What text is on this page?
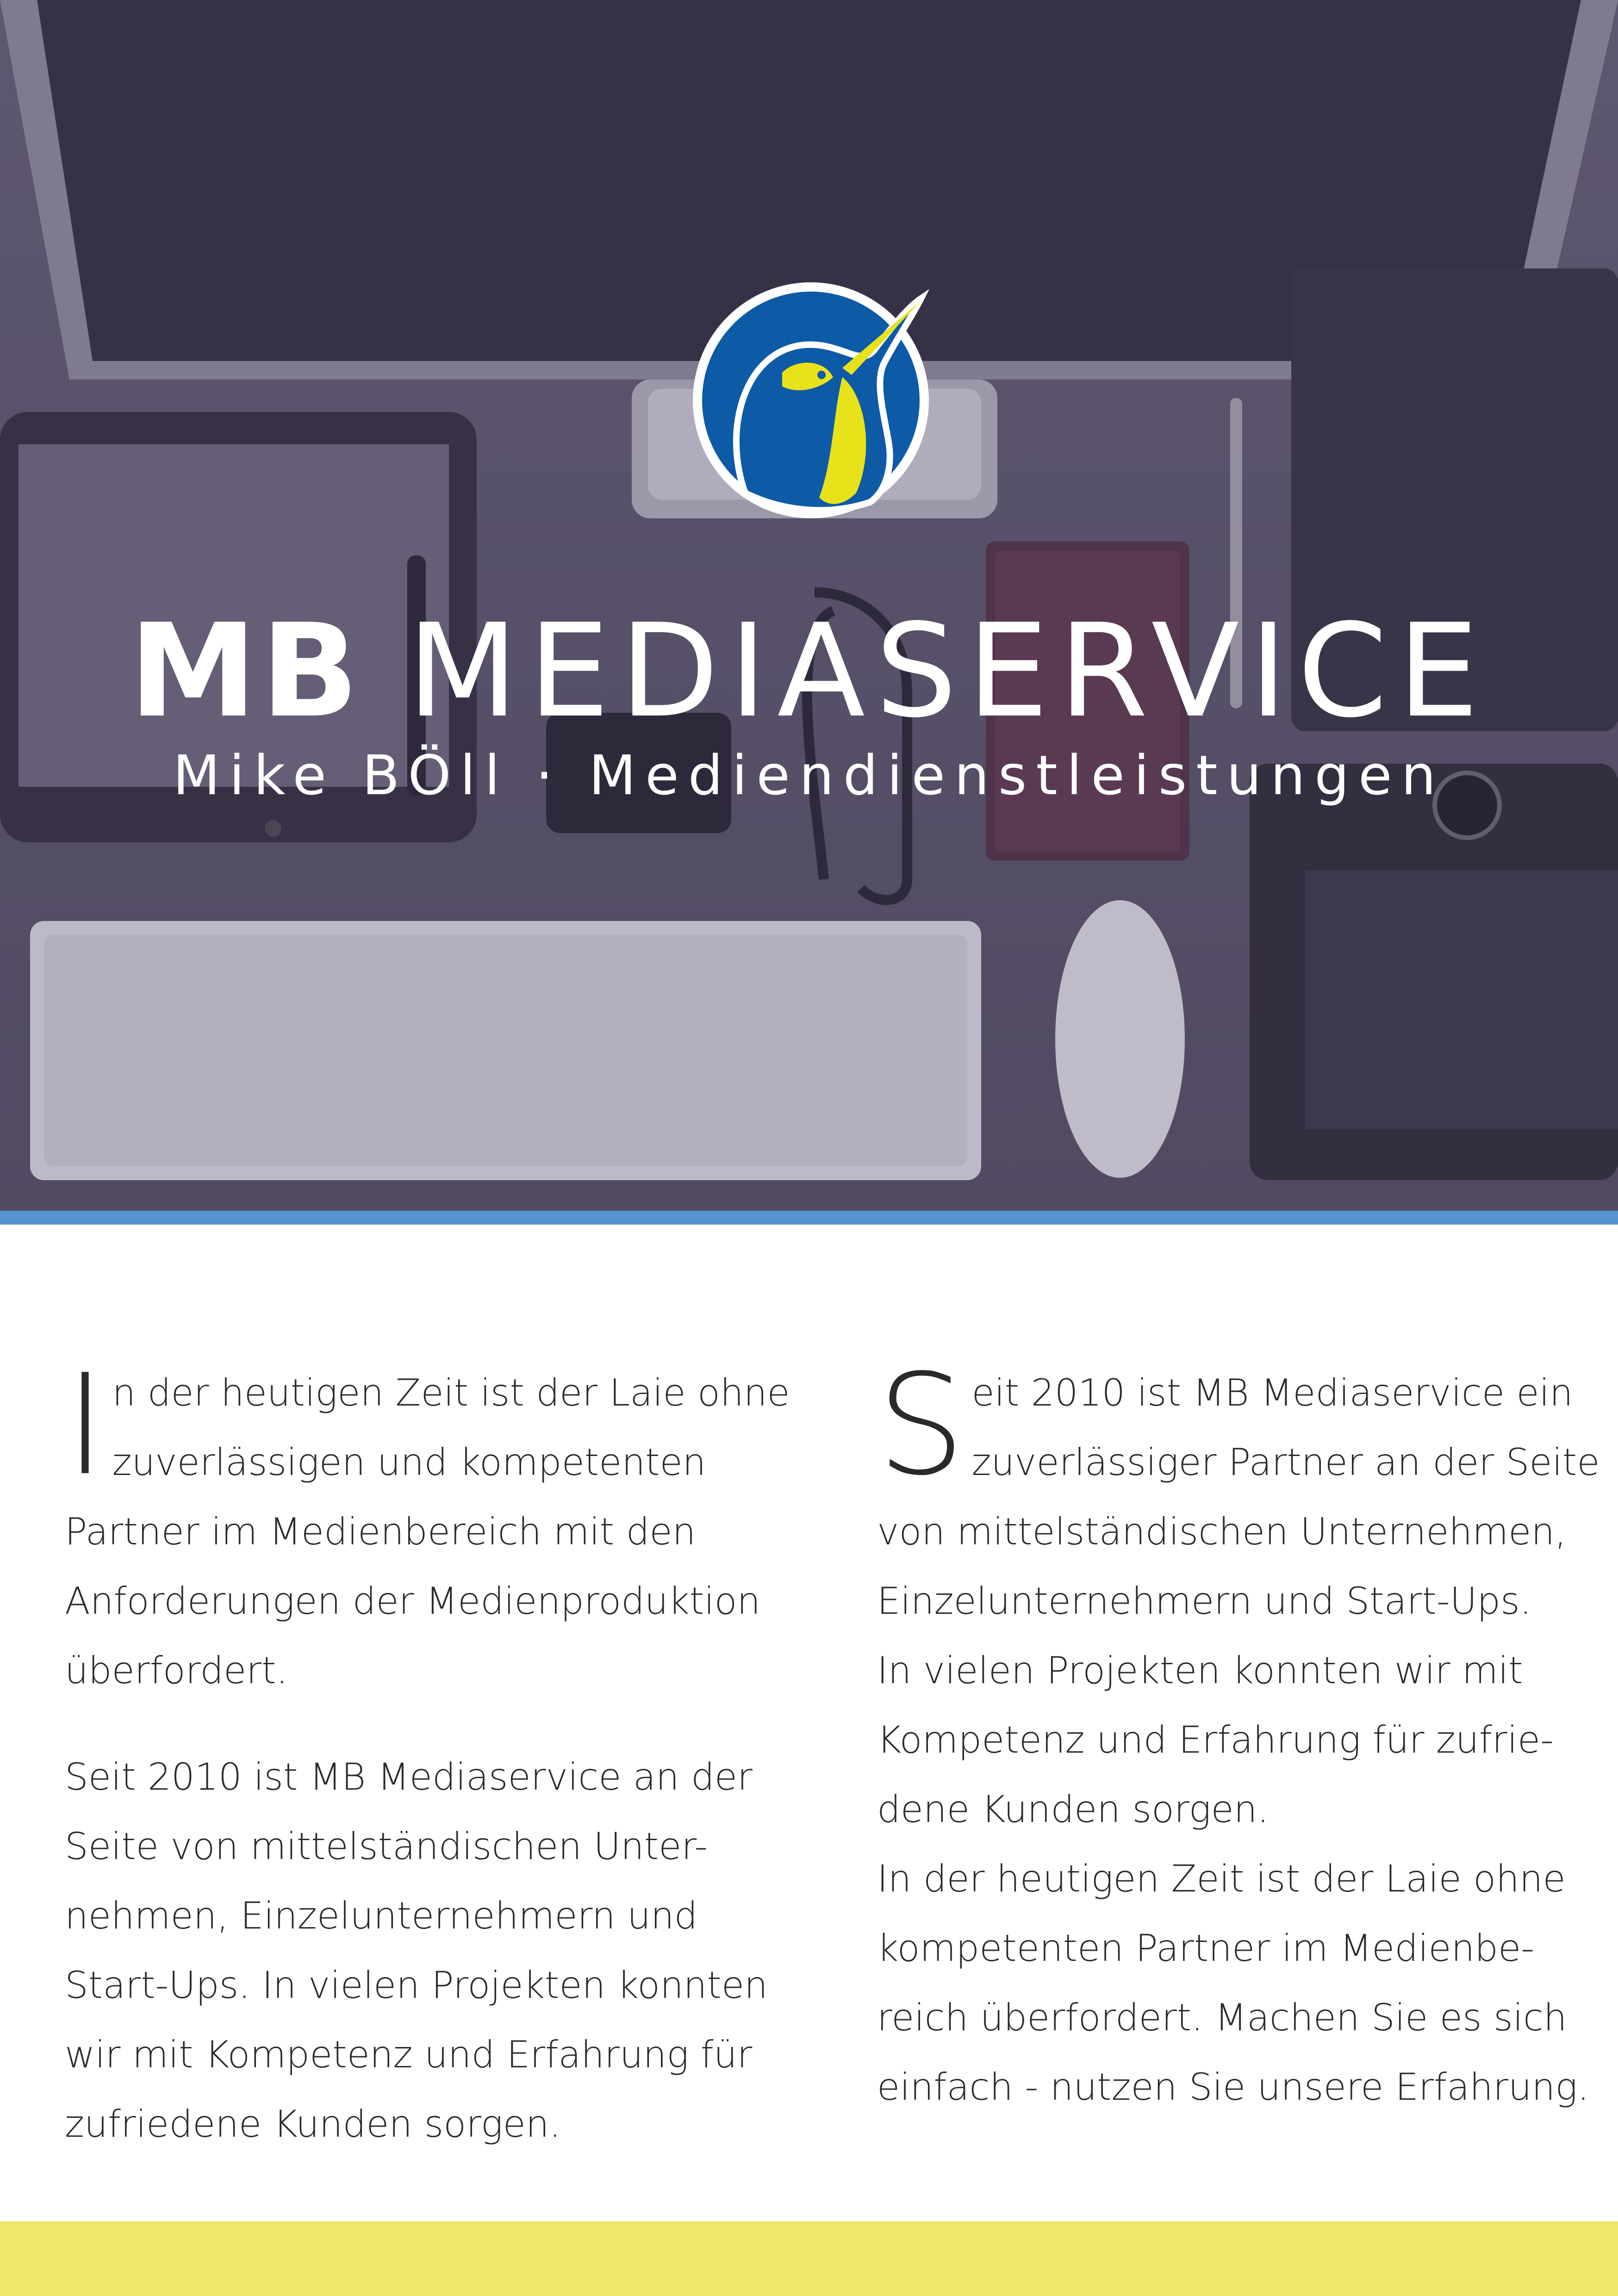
MB MEDIASERVICE
Mike BÖll · Mediendienstleistungen
I n der heutigen Zeit ist der Laie ohne
zuverlässigen und kompetenten
Partner im Medienbereich mit den
Anforderungen der Medienproduktion
überfordert.
Seit 2010 ist MB Mediaservice an der
Seite von mittelständischen Unter-
nehmen, Einzelunternehmern und
Start-Ups. In vielen Projekten konnten
wir mit Kompetenz und Erfahrung für
zufriedene Kunden sorgen.
S eit 2010 ist MB Mediaservice ein
zuverlässiger Partner an der Seite
von mittelständischen Unternehmen,
Einzelunternehmern und Start-Ups.
In vielen Projekten konnten wir mit
Kompetenz und Erfahrung für zufrie-
dene Kunden sorgen.
In der heutigen Zeit ist der Laie ohne
kompetenten Partner im Medienbe-
reich überfordert. Machen Sie es sich
einfach - nutzen Sie unsere Erfahrung.
